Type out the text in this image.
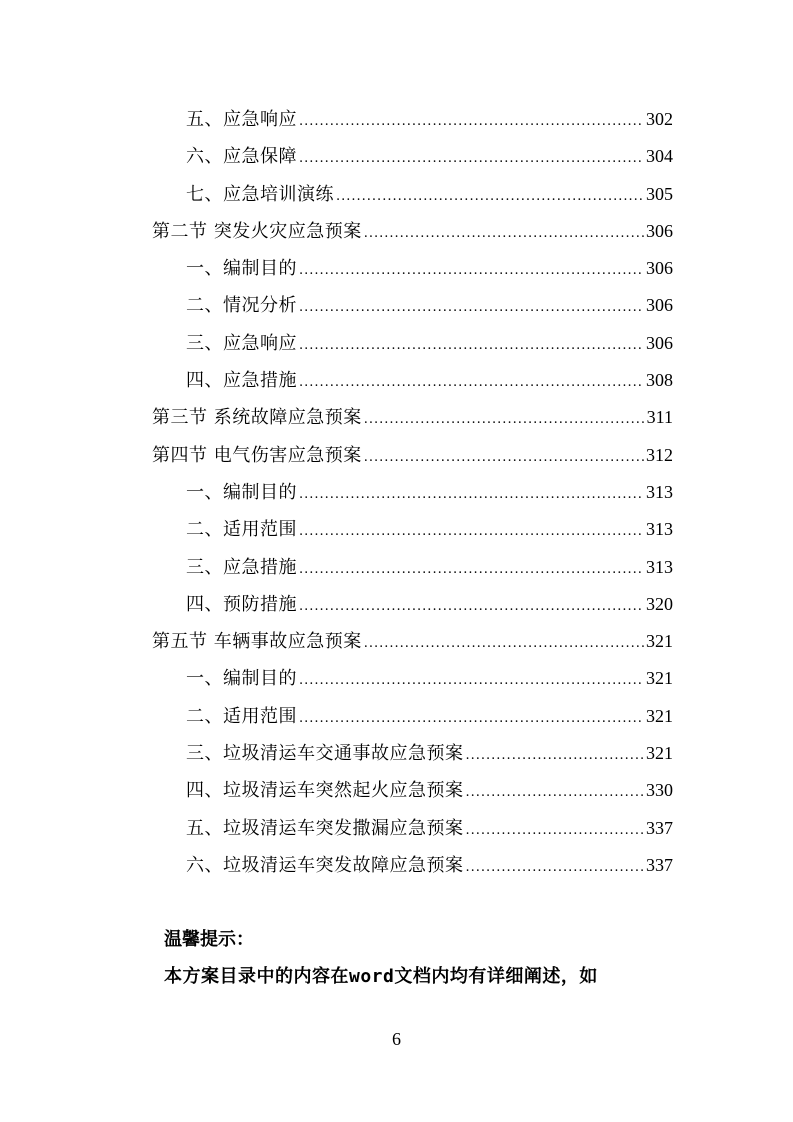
五、应急响应 .....	302
六、应急保障 .....	304
七、应急培训演练 .....	305
第二节 突发火灾应急预案 .....	306
一、编制目的 .....	306
二、情况分析 .....	306
三、应急响应 .....	306
四、应急措施 .....	308
第三节 系统故障应急预案 .....	311
第四节 电气伤害应急预案 .....	312
一、编制目的 .....	313
二、适用范围 .....	313
三、应急措施 .....	313
四、预防措施 .....	320
第五节 车辆事故应急预案 .....	321
一、编制目的 .....	321
二、适用范围 .....	321
三、垃圾清运车交通事故应急预案 .....	321
四、垃圾清运车突然起火应急预案 .....	330
五、垃圾清运车突发撒漏应急预案 .....	337
六、垃圾清运车突发故障应急预案 .....	337
温馨提示：
本方案目录中的内容在word文档内均有详细阐述，如
6
